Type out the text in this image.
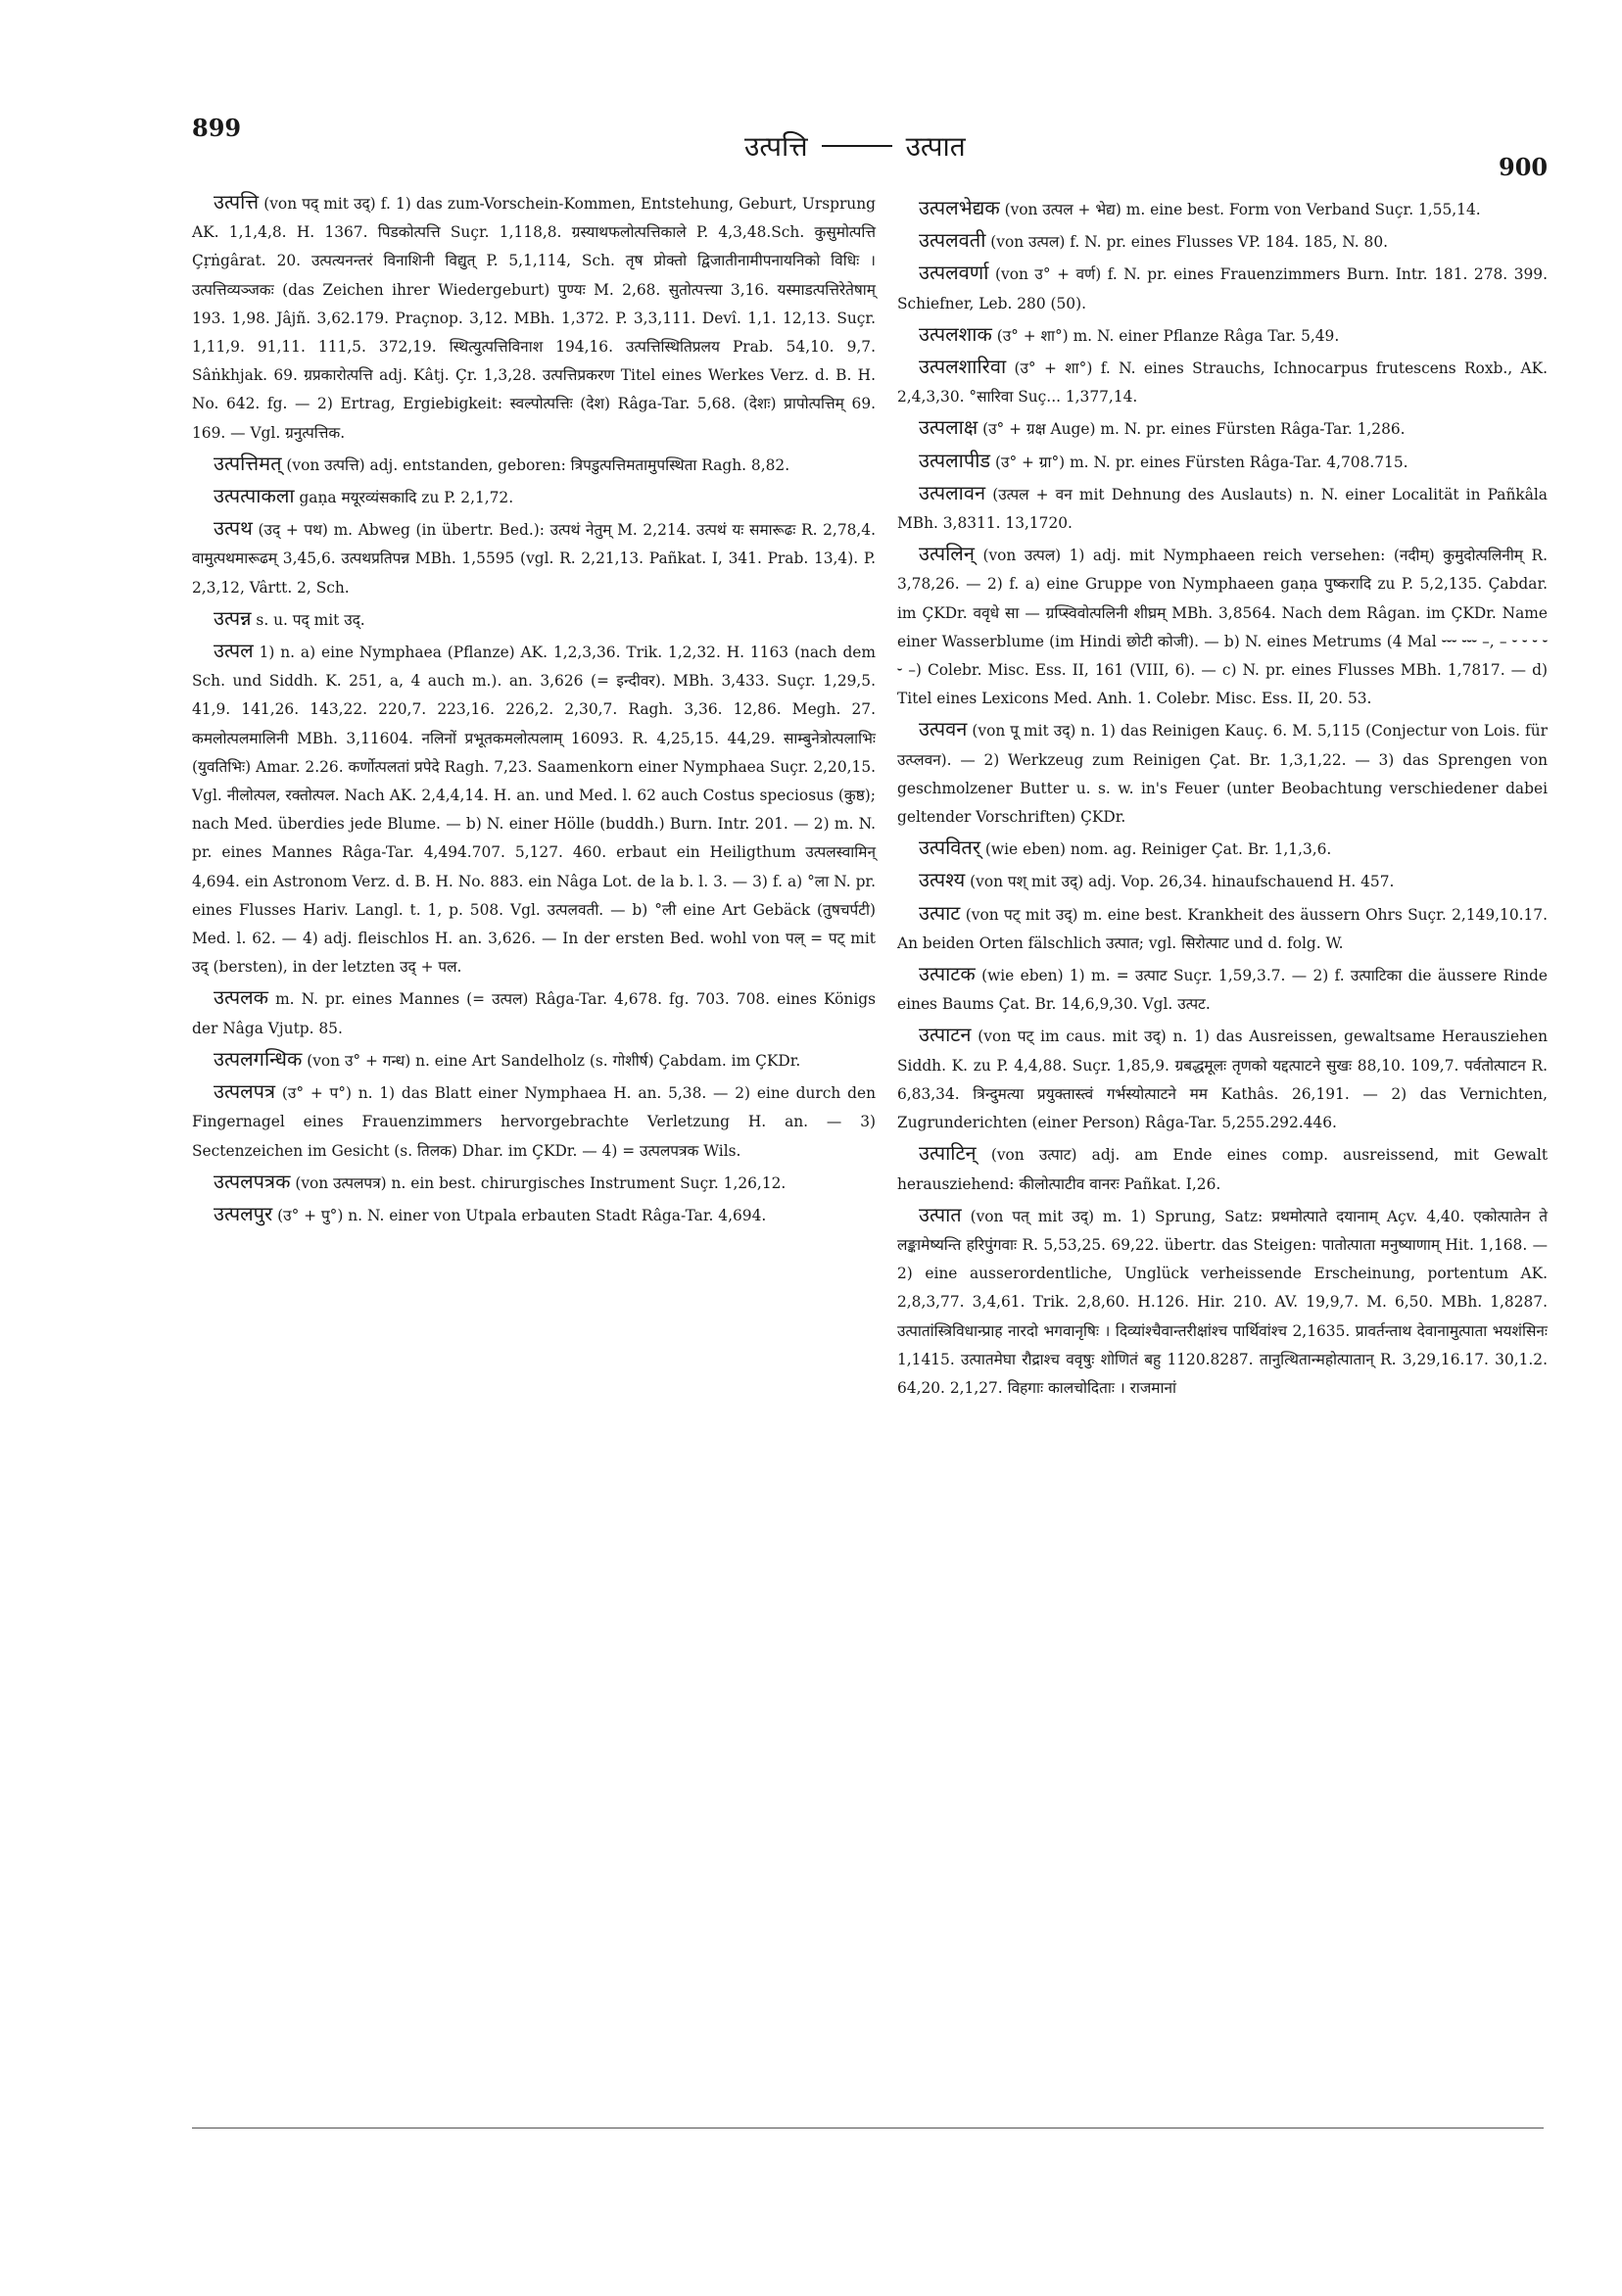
899
900
उत्पत्ति	उत्पात

उत्पत्ति (von पद् mit उद्) f. 1) das zum-Vorschein-Kommen, Entstehung, Geburt, Ursprung AK. 1,1,4,8. H. 1367. पिडकोत्पत्ति Suçr. 1,118,8. ग्रस्याथफलोत्पत्तिकाले P. 4,3,48.Sch. कुसुमोत्पत्ति Çṛṅgârat. 20. उत्पत्यनन्तरं विनाशिनी विद्युत् P. 5,1,114, Sch. तृष प्रोक्तो द्विजातीनामीपनायनिको विधिः । उत्पत्तिव्यञ्जकः (das Zeichen ihrer Wiedergeburt) पुण्यः M. 2,68. सुतोत्पत्त्या 3,16. यस्माडत्पत्तिरेतेषाम् 193. 1,98. Jâjñ. 3,62.179. Praçnop. 3,12. MBh. 1,372. P. 3,3,111. Devî. 1,1. 12,13. Suçr. 1,11,9. 91,11. 111,5. 372,19. स्थित्युत्पत्तिविनाश 194,16. उत्पत्तिस्थितिप्रलय Prab. 54,10. 9,7. Sâṅkhjak. 69. ग्रप्रकारोत्पत्ति adj. Kâtj. Çr. 1,3,28. उत्पत्तिप्रकरण Titel eines Werkes Verz. d. B. H. No. 642. fg. — 2) Ertrag, Ergiebigkeit: स्वल्पोत्पत्तिः (देश) Râga-Tar. 5,68. (देशः) प्रापोत्पत्तिम् 69. 169. — Vgl. ग्रनुत्पत्तिक.

उत्पत्तिमत् (von उत्पत्ति) adj. entstanden, geboren: त्रिपडुत्पत्तिमतामुपस्थिता Ragh. 8,82.

उत्पत्पाकला gaṇa मयूरव्यंसकादि zu P. 2,1,72.

उत्पथ (उद् + पथ) m. Abweg (in übertr. Bed.): उत्पथं नेतुम् M. 2,214. उत्पथं यः समारूढः R. 2,78,4. वामुत्पथमारूढम् 3,45,6. उत्पथप्रतिपन्न MBh. 1,5595 (vgl. R. 2,21,13. Pañkat. I, 341. Prab. 13,4). P. 2,3,12, Vârtt. 2, Sch.

उत्पन्न s. u. पद् mit उद्.

उत्पल 1) n. a) eine Nymphaea (Pflanze) AK. 1,2,3,36. Trik. 1,2,32. H. 1163 (nach dem Sch. und Siddh. K. 251, a, 4 auch m.). an. 3,626 (= इन्दीवर). MBh. 3,433. Suçr. 1,29,5. 41,9. 141,26. 143,22. 220,7. 223,16. 226,2. 2,30,7. Ragh. 3,36. 12,86. Megh. 27. कमलोत्पलमालिनी MBh. 3,11604. नलिनों प्रभूतकमलोत्पलाम् 16093. R. 4,25,15. 44,29. साम्बुनेत्रोत्पलाभिः (युवतिभिः) Amar. 2.26. कर्णोत्पलतां प्रपेदे Ragh. 7,23. Saamenkorn einer Nymphaea Suçr. 2,20,15. Vgl. नीलोत्पल, रक्तोत्पल. Nach AK. 2,4,4,14. H. an. und Med. l. 62 auch Costus speciosus (कुष्ठ); nach Med. überdies jede Blume. — b) N. einer Hölle (buddh.) Burn. Intr. 201. — 2) m. N. pr. eines Mannes Râga-Tar. 4,494.707. 5,127. 460. erbaut ein Heiligthum उत्पलस्वामिन् 4,694. ein Astronom Verz. d. B. H. No. 883. ein Nâga Lot. de la b. l. 3. — 3) f. a) °ला N. pr. eines Flusses Hariv. Langl. t. 1, p. 508. Vgl. उत्पलवती. — b) °ली eine Art Gebäck (तुषचर्पटी) Med. l. 62. — 4) adj. fleischlos H. an. 3,626. — In der ersten Bed. wohl von पल् = पट् mit उद् (bersten), in der letzten उद् + पल.

उत्पलक m. N. pr. eines Mannes (= उत्पल) Râga-Tar. 4,678. fg. 703. 708. eines Königs der Nâga Vjutp. 85.

उत्पलगन्धिक (von उ° + गन्ध) n. eine Art Sandelholz (s. गोशीर्ष) Çabdam. im ÇKDr.

उत्पलपत्र (उ° + प°) n. 1) das Blatt einer Nymphaea H. an. 5,38. — 2) eine durch den Fingernagel eines Frauenzimmers hervorgebrachte Verletzung H. an. — 3) Sectenzeichen im Gesicht (s. तिलक) Dhar. im ÇKDr. — 4) = उत्पलपत्रक Wils.

उत्पलपत्रक (von उत्पलपत्र) n. ein best. chirurgisches Instrument Suçr. 1,26,12.

उत्पलपुर (उ° + पु°) n. N. einer von Utpala erbauten Stadt Râga-Tar. 4,694.

उत्पलभेद्यक (von उत्पल + भेद्य) m. eine best. Form von Verband Suçr. 1,55,14.

उत्पलवती (von उत्पल) f. N. pr. eines Flusses VP. 184. 185, N. 80.

उत्पलवर्णा (von उ° + वर्ण) f. N. pr. eines Frauenzimmers Burn. Intr. 181. 278. 399. Schiefner, Leb. 280 (50).

उत्पलशाक (उ° + शा°) m. N. einer Pflanze Râga Tar. 5,49.

उत्पलशारिवा (उ° + शा°) f. N. eines Strauchs, Ichnocarpus frutescens Roxb., AK. 2,4,3,30. °सारिवा Suç... 1,377,14.

उत्पलाक्ष (उ° + ग्रक्ष Auge) m. N. pr. eines Fürsten Râga-Tar. 1,286.

उत्पलापीड (उ° + ग्रा°) m. N. pr. eines Fürsten Râga-Tar. 4,708.715.

उत्पलावन (उत्पल + वन mit Dehnung des Auslauts) n. N. einer Localität in Pañkâla MBh. 3,8311. 13,1720.

उत्पलिन् (von उत्पल) 1) adj. mit Nymphaeen reich versehen: (नदीम्) कुमुदोत्पलिनीम् R. 3,78,26. — 2) f. a) eine Gruppe von Nymphaeen gaṇa पुष्करादि zu P. 5,2,135. Çabdar. im ÇKDr. ववृधे सा — ग्रप्स्विवोत्पलिनी शीघ्रम् MBh. 3,8564. Nach dem Râgan. im ÇKDr. Name einer Wasserblume (im Hindi छोटी कोजी). — b) N. eines Metrums (4 Mal ⏑⏑⏑ ⏑⏑⏑ –, – ⏑ ⏑ ⏑ ⏑ ⏑ –) Colebr. Misc. Ess. II, 161 (VIII, 6). — c) N. pr. eines Flusses MBh. 1,7817. — d) Titel eines Lexicons Med. Anh. 1. Colebr. Misc. Ess. II, 20. 53.

उत्पवन (von पू mit उद्) n. 1) das Reinigen Kauç. 6. M. 5,115 (Conjectur von Lois. für उत्प्लवन). — 2) Werkzeug zum Reinigen Çat. Br. 1,3,1,22. — 3) das Sprengen von geschmolzener Butter u. s. w. in's Feuer (unter Beobachtung verschiedener dabei geltender Vorschriften) ÇKDr.

उत्पवितर् (wie eben) nom. ag. Reiniger Çat. Br. 1,1,3,6.

उत्पश्य (von पश् mit उद्) adj. Vop. 26,34. hinaufschauend H. 457.

उत्पाट (von पट् mit उद्) m. eine best. Krankheit des äussern Ohrs Suçr. 2,149,10.17. An beiden Orten fälschlich उत्पात; vgl. सिरोत्पाट und d. folg. W.

उत्पाटक (wie eben) 1) m. = उत्पाट Suçr. 1,59,3.7. — 2) f. उत्पाटिका die äussere Rinde eines Baums Çat. Br. 14,6,9,30. Vgl. उत्पट.

उत्पाटन (von पट् im caus. mit उद्) n. 1) das Ausreissen, gewaltsame Herausziehen Siddh. K. zu P. 4,4,88. Suçr. 1,85,9. ग्रबद्धमूलः तृणको यद्दत्पाटने सुखः 88,10. 109,7. पर्वतोत्पाटन R. 6,83,34. त्रिन्दुमत्या प्रयुक्तास्त्वं गर्भस्योत्पाटने मम Kathâs. 26,191. — 2) das Vernichten, Zugrunderichten (einer Person) Râga-Tar. 5,255.292.446.

उत्पाटिन् (von उत्पाट) adj. am Ende eines comp. ausreissend, mit Gewalt herausziehend: कीलोत्पाटीव वानरः Pañkat. I,26.

उत्पात (von पत् mit उद्) m. 1) Sprung, Satz: प्रथमोत्पाते दयानाम् Açv. 4,40. एकोत्पातेन ते लङ्कामेष्यन्ति हरिपुंगवाः R. 5,53,25. 69,22. übertr. das Steigen: पातोत्पाता मनुष्याणाम् Hit. 1,168. — 2) eine ausserordentliche, Unglück verheissende Erscheinung, portentum AK. 2,8,3,77. 3,4,61. Trik. 2,8,60. H.126. Hir. 210. AV. 19,9,7. M. 6,50. MBh. 1,8287. उत्पातांस्त्रिविधान्प्राह नारदो भगवानृषिः । दिव्यांश्चैवान्तरीक्षांश्च पार्थिवांश्च 2,1635. प्रावर्तन्ताथ देवानामुत्पाता भयशंसिनः 1,1415. उत्पातमेघा रौद्राश्च ववृषुः शोणितं बहु 1120.8287. तानुत्थितान्महोत्पातान् R. 3,29,16.17. 30,1.2. 64,20. 2,1,27. विहगाः कालचोदिताः । राजमानां
